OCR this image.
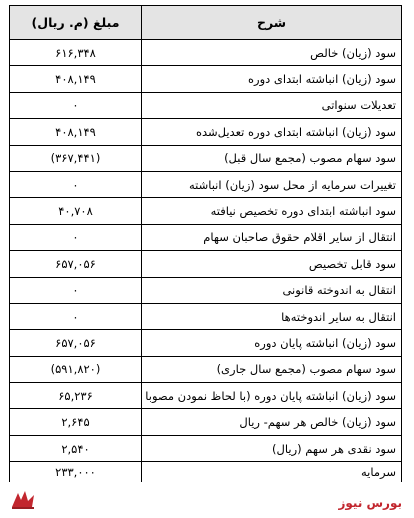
مبلغ (م. ریال)	شرح
۶۱۶,۳۴۸	سود (زیان) خالص
۴۰۸,۱۴۹	سود (زیان) انباشته ابتدای دوره
۰	تعدیلات سنواتی
۴۰۸,۱۴۹	سود (زیان) انباشته ابتدای دوره تعدیل‌شده
(۳۶۷,۴۴۱)	سود سهام مصوب (مجمع سال قبل)
۰	تغییرات سرمایه از محل سود (زیان) انباشته
۴۰,۷۰۸	سود انباشته ابتدای دوره تخصیص نیافته
۰	انتقال از سایر اقلام حقوق صاحبان سهام
۶۵۷,۰۵۶	سود قابل تخصیص
۰	انتقال به اندوخته قانونی
۰	انتقال به سایر اندوخته‌ها
۶۵۷,۰۵۶	سود (زیان) انباشته پایان دوره
(۵۹۱,۸۲۰)	سود سهام مصوب (مجمع سال جاری)
۶۵,۲۳۶	سود (زیان) انباشته پایان دوره (با لحاظ نمودن مصوبا
۲,۶۴۵	سود (زیان) خالص هر سهم- ریال
۲,۵۴۰	سود نقدی هر سهم (ریال)
۲۳۳,۰۰۰	سرمایه
بورس نیوز
